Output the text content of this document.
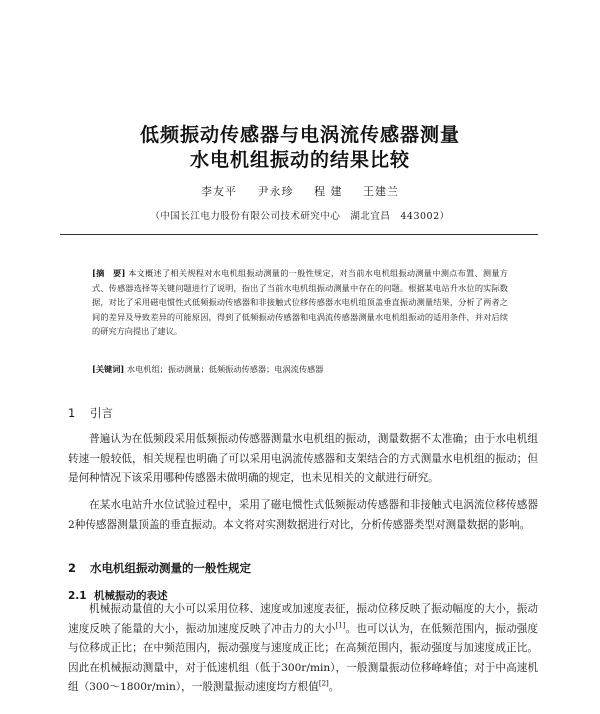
低频振动传感器与电涡流传感器测量
水电机组振动的结果比较
李友平 尹永珍 程 建 王建兰
（中国长江电力股份有限公司技术研究中心　湖北宜昌　443002）
[摘　要] 本文概述了相关规程对水电机组振动测量的一般性规定，对当前水电机组振动测量中测点布置、测量方式、传感器选择等关键问题进行了说明，指出了当前水电机组振动测量中存在的问题。根据某电站升水位的实际数据，对比了采用磁电惯性式低频振动传感器和非接触式位移传感器水电机组顶盖垂直振动测量结果，分析了两者之间的差异及导致差异的可能原因，得到了低频振动传感器和电涡流传感器测量水电机组振动的适用条件，并对后续的研究方向提出了建议。
[关键词] 水电机组；振动测量；低频振动传感器；电涡流传感器
1 引言
普遍认为在低频段采用低频振动传感器测量水电机组的振动，测量数据不太准确；由于水电机组转速一般较低，相关规程也明确了可以采用电涡流传感器和支架结合的方式测量水电机组的振动；但是何种情况下该采用哪种传感器未做明确的规定，也未见相关的文献进行研究。
在某水电站升水位试验过程中，采用了磁电惯性式低频振动传感器和非接触式电涡流位移传感器2种传感器测量顶盖的垂直振动。本文将对实测数据进行对比，分析传感器类型对测量数据的影响。
2 水电机组振动测量的一般性规定
2.1 机械振动的表述
机械振动量值的大小可以采用位移、速度或加速度表征，振动位移反映了振动幅度的大小，振动速度反映了能量的大小，振动加速度反映了冲击力的大小[1]。也可以认为，在低频范围内，振动强度与位移成正比；在中频范围内，振动强度与速度成正比；在高频范围内，振动强度与加速度成正比。因此在机械振动测量中，对于低速机组（低于300r/min），一般测量振动位移峰峰值；对于中高速机组（300～1800r/min），一般测量振动速度均方根值[2]。
